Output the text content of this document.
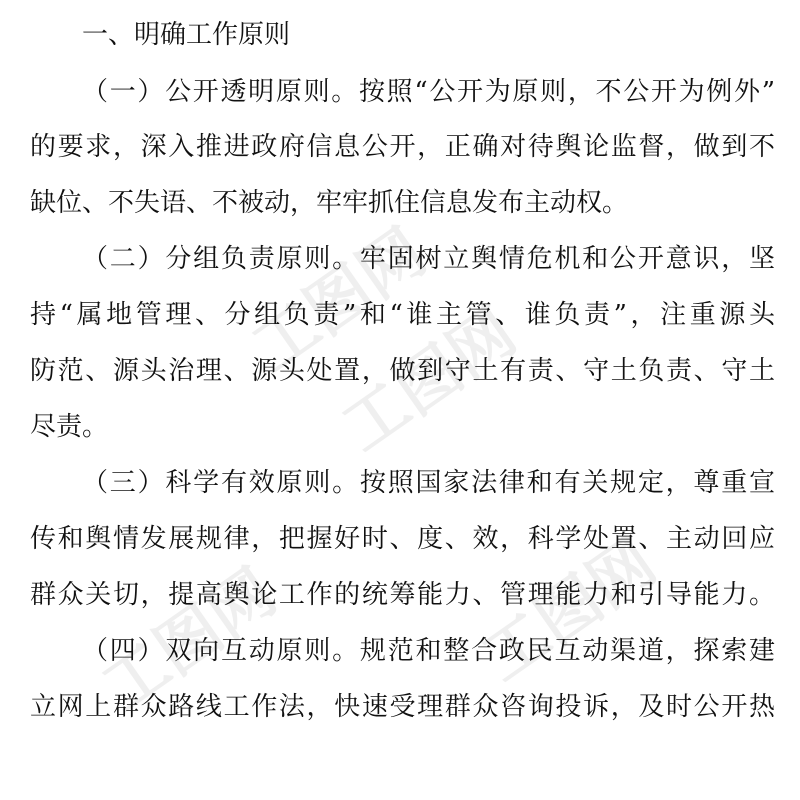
工图网
工图网
工图网
工图网
一、明确工作原则
（一）公开透明原则。按照“公开为原则，不公开为例外”
的要求，深入推进政府信息公开，正确对待舆论监督，做到不
缺位、不失语、不被动，牢牢抓住信息发布主动权。
（二）分组负责原则。牢固树立舆情危机和公开意识，坚
持“属地管理、分组负责”和“谁主管、谁负责”，注重源头
防范、源头治理、源头处置，做到守土有责、守土负责、守土
尽责。
（三）科学有效原则。按照国家法律和有关规定，尊重宣
传和舆情发展规律，把握好时、度、效，科学处置、主动回应
群众关切，提高舆论工作的统筹能力、管理能力和引导能力。
（四）双向互动原则。规范和整合政民互动渠道，探索建
立网上群众路线工作法，快速受理群众咨询投诉，及时公开热
